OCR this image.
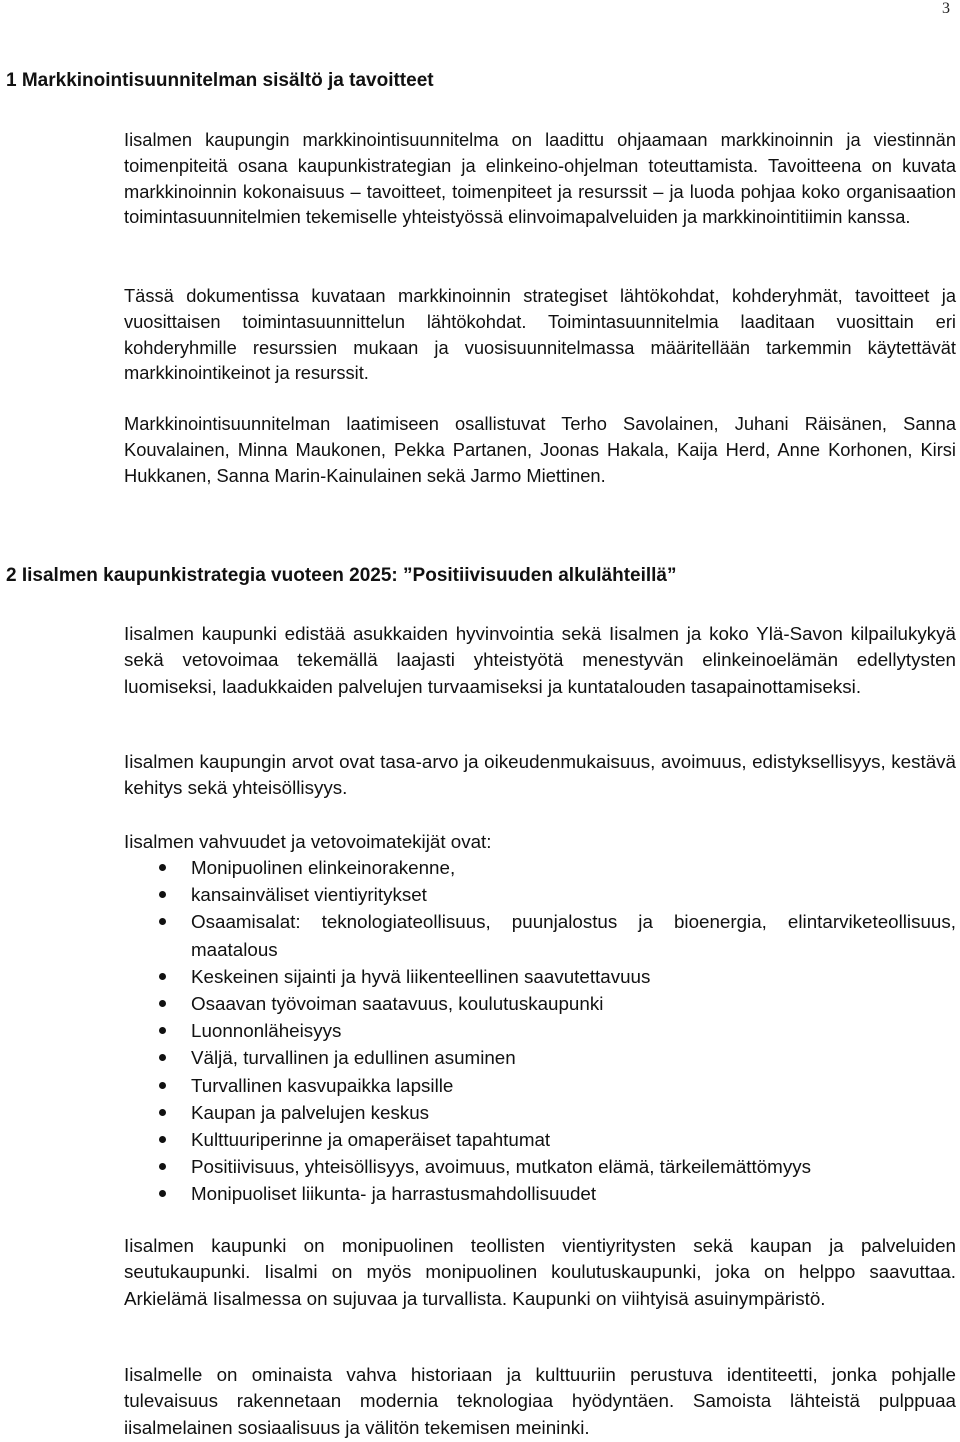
3
1 Markkinointisuunnitelman sisältö ja tavoitteet

Iisalmen kaupungin markkinointisuunnitelma on laadittu ohjaamaan markkinoinnin ja viestinnän toimenpiteitä osana kaupunkistrategian ja elinkeino-ohjelman toteuttamista. Tavoitteena on kuvata markkinoinnin kokonaisuus – tavoitteet, toimenpiteet ja resurssit – ja luoda pohjaa koko organisaation toimintasuunnitelmien tekemiselle yhteistyössä elinvoimapalveluiden ja markkinointitiimin kanssa.

Tässä dokumentissa kuvataan markkinoinnin strategiset lähtökohdat, kohderyhmät, tavoitteet ja vuosittaisen toimintasuunnittelun lähtökohdat. Toimintasuunnitelmia laaditaan vuosittain eri kohderyhmille resurssien mukaan ja vuosisuunnitelmassa määritellään tarkemmin käytettävät markkinointikeinot ja resurssit.

Markkinointisuunnitelman laatimiseen osallistuvat Terho Savolainen, Juhani Räisänen, Sanna Kouvalainen, Minna Maukonen, Pekka Partanen, Joonas Hakala, Kaija Herd, Anne Korhonen, Kirsi Hukkanen, Sanna Marin-Kainulainen sekä Jarmo Miettinen.

2 Iisalmen kaupunkistrategia vuoteen 2025: ”Positiivisuuden alkulähteillä”

Iisalmen kaupunki edistää asukkaiden hyvinvointia sekä Iisalmen ja koko Ylä-Savon kilpailukykyä sekä vetovoimaa tekemällä laajasti yhteistyötä menestyvän elinkeinoelämän edellytysten luomiseksi, laadukkaiden palvelujen turvaamiseksi ja kuntatalouden tasapainottamiseksi.

Iisalmen kaupungin arvot ovat tasa-arvo ja oikeudenmukaisuus, avoimuus, edistyksellisyys, kestävä kehitys sekä yhteisöllisyys.

Iisalmen vahvuudet ja vetovoimatekijät ovat:

Monipuolinen elinkeinorakenne,
kansainväliset vientiyritykset
Osaamisalat: teknologiateollisuus, puunjalostus ja bioenergia, elintarviketeollisuus, maatalous
Keskeinen sijainti ja hyvä liikenteellinen saavutettavuus
Osaavan työvoiman saatavuus, koulutuskaupunki
Luonnonläheisyys
Väljä, turvallinen ja edullinen asuminen
Turvallinen kasvupaikka lapsille
Kaupan ja palvelujen keskus
Kulttuuriperinne ja omaperäiset tapahtumat
Positiivisuus, yhteisöllisyys, avoimuus, mutkaton elämä, tärkeilemättömyys
Monipuoliset liikunta- ja harrastusmahdollisuudet

Iisalmen kaupunki on monipuolinen teollisten vientiyritysten sekä kaupan ja palveluiden seutukaupunki. Iisalmi on myös monipuolinen koulutuskaupunki, joka on helppo saavuttaa. Arkielämä Iisalmessa on sujuvaa ja turvallista. Kaupunki on viihtyisä asuinympäristö.

Iisalmelle on ominaista vahva historiaan ja kulttuuriin perustuva identiteetti, jonka pohjalle tulevaisuus rakennetaan modernia teknologiaa hyödyntäen. Samoista lähteistä pulppuaa iisalmelainen sosiaalisuus ja välitön tekemisen meininki.
